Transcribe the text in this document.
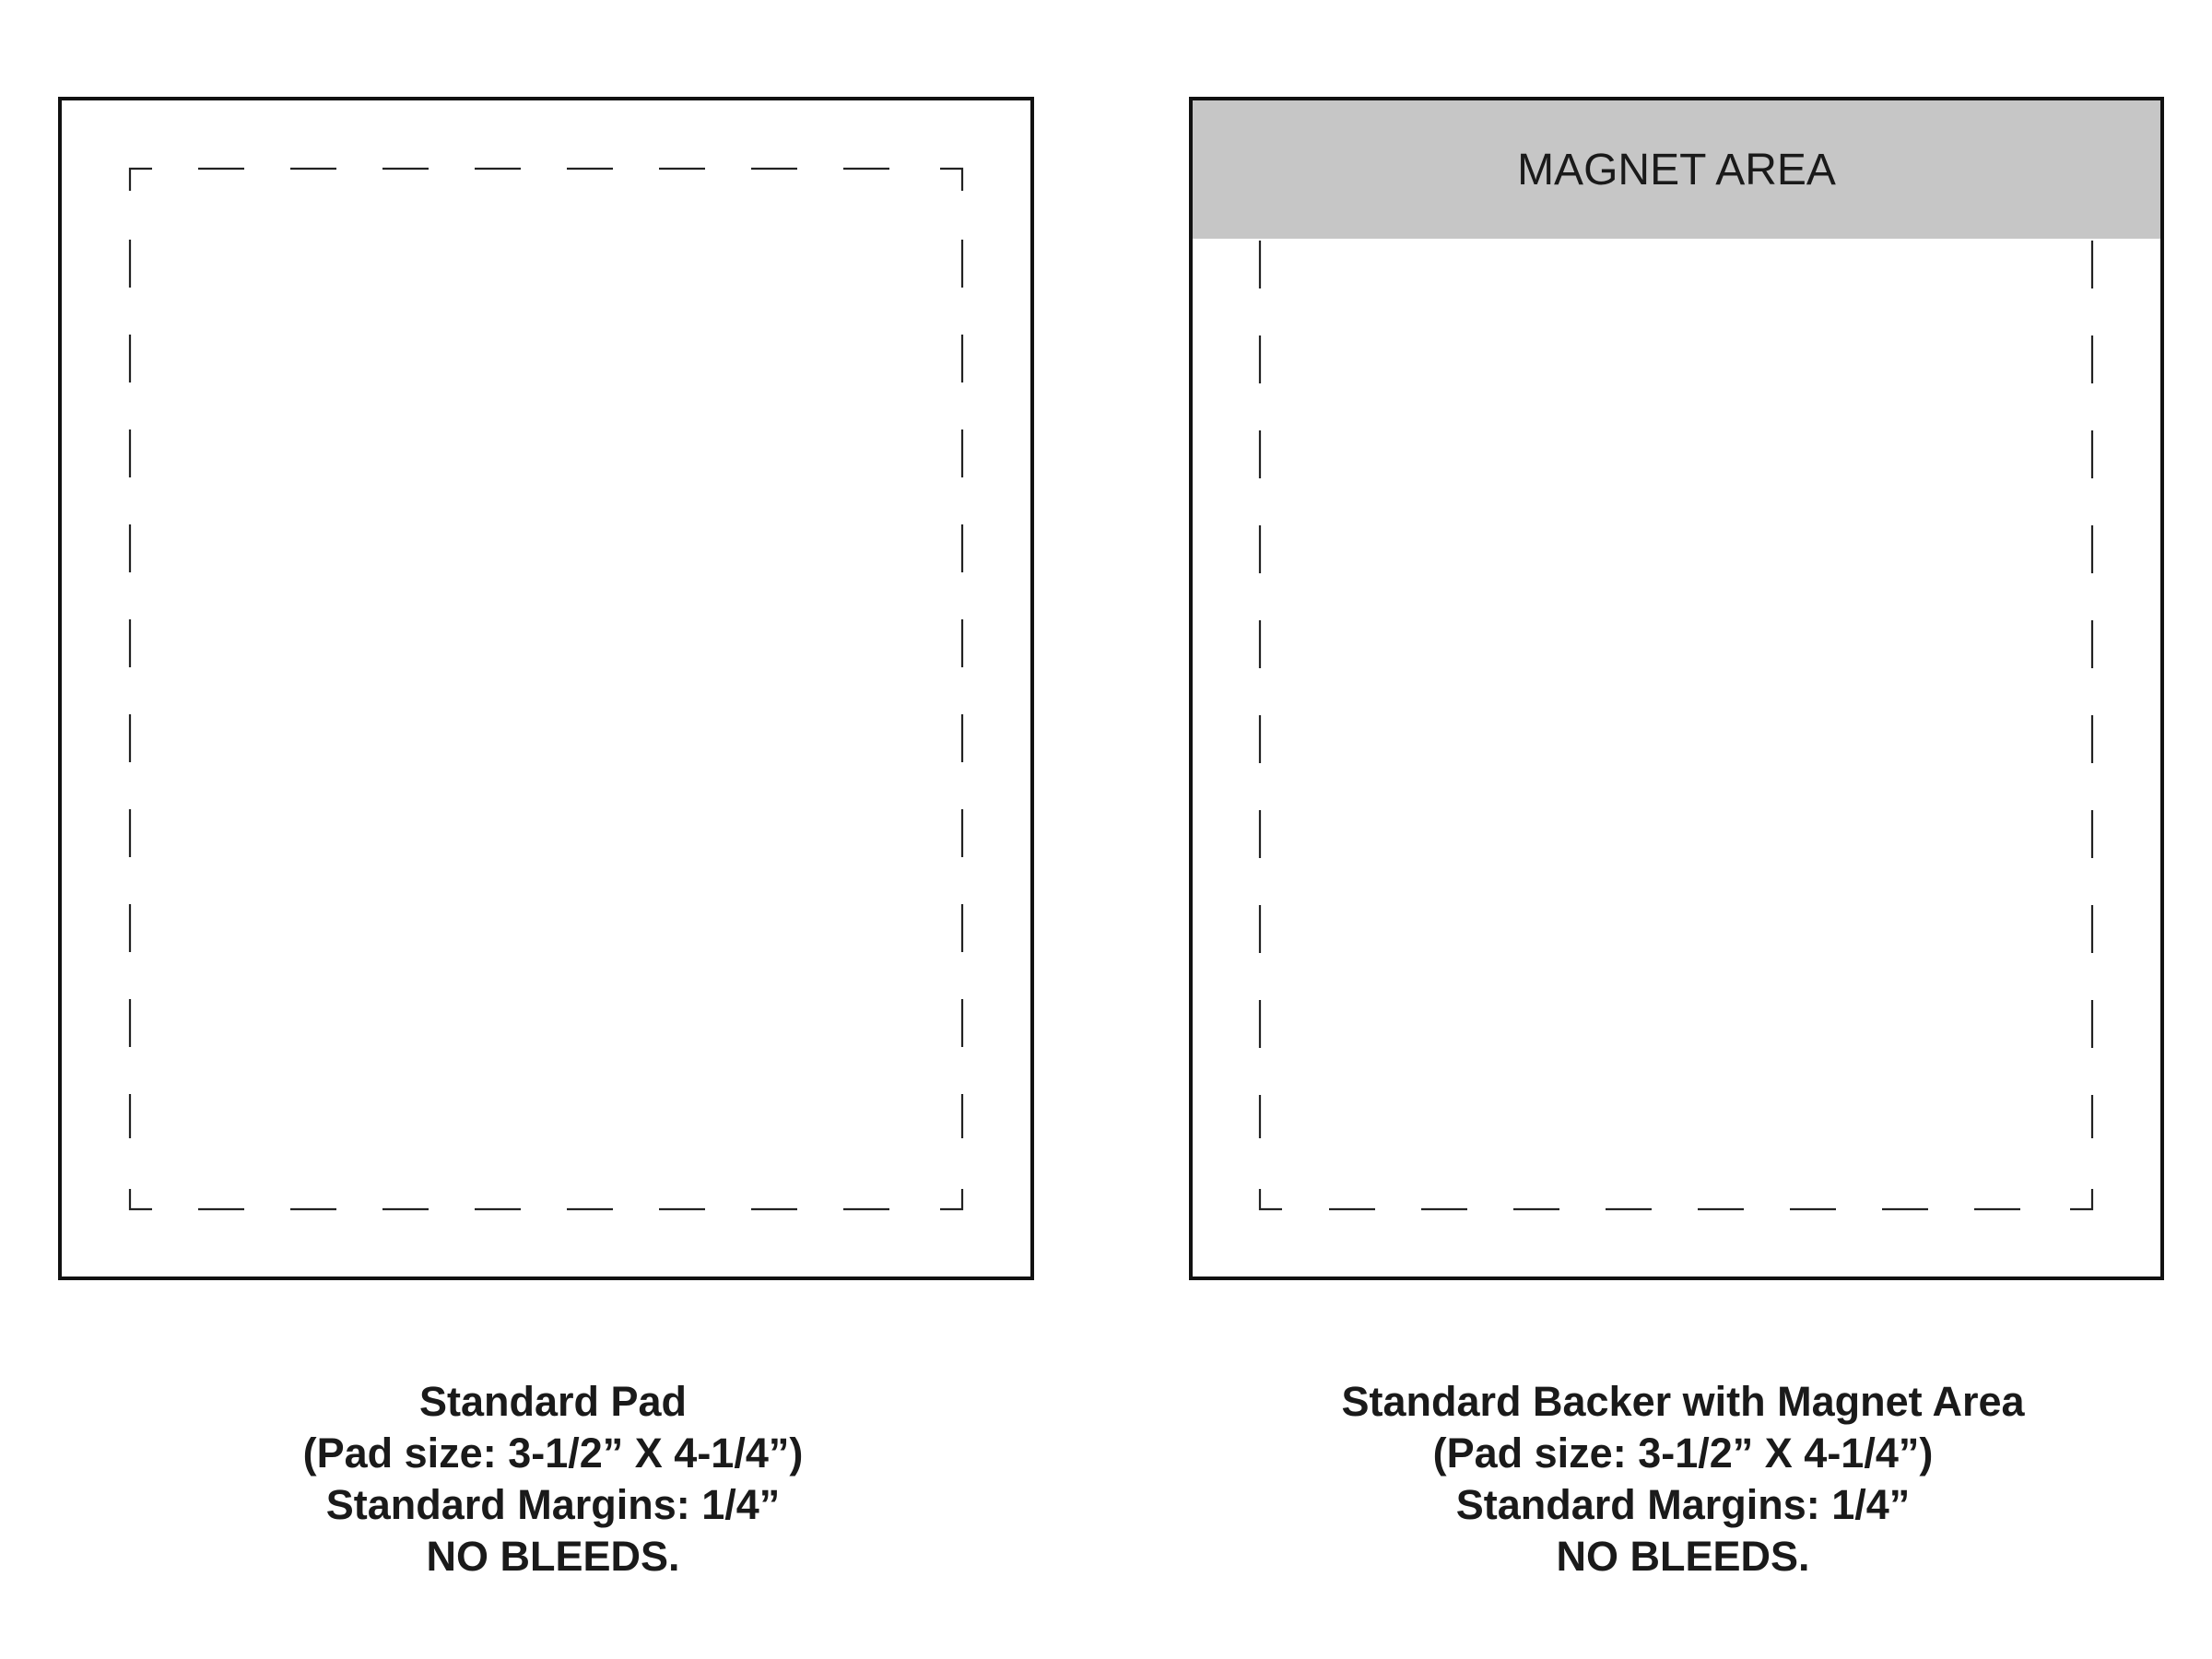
MAGNET AREA
Standard Pad
(Pad size: 3-1/2” X 4-1/4”)
Standard Margins: 1/4”
NO BLEEDS.
Standard Backer with Magnet Area
(Pad size: 3-1/2” X 4-1/4”)
Standard Margins: 1/4”
NO BLEEDS.
